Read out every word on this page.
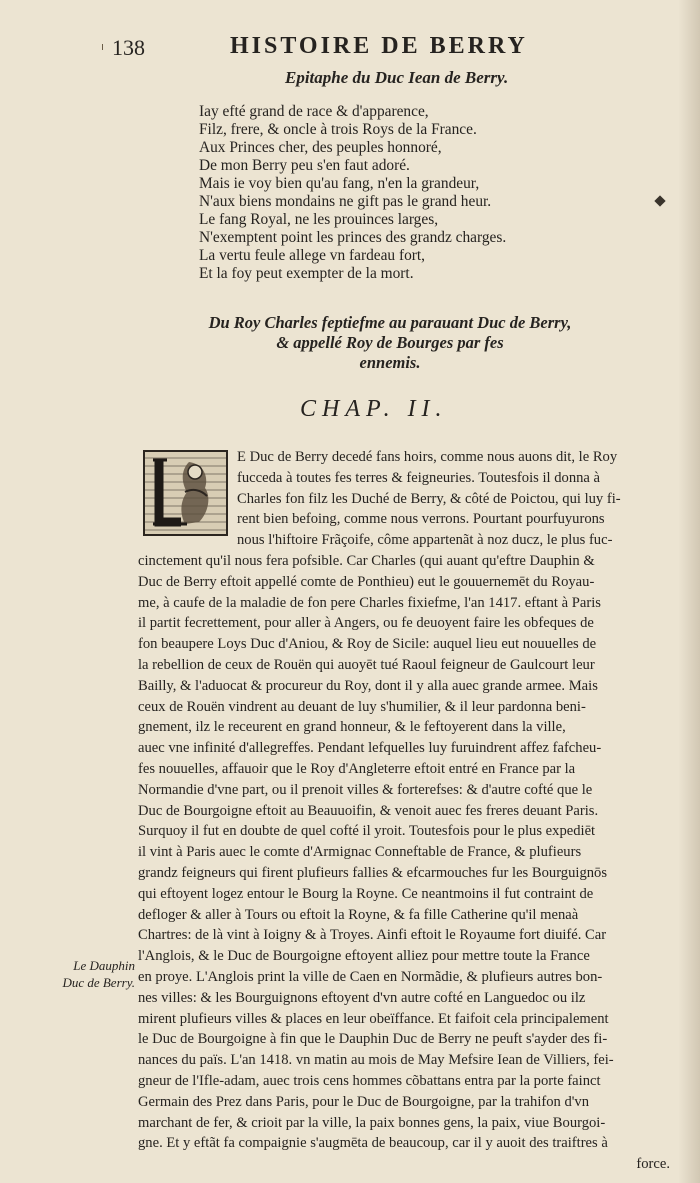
138	HISTOIRE DE BERRY
Epitaphe du Duc Iean de Berry.
Iay efté grand de race & d'apparence,
Filz, frere, & oncle à trois Roys de la France.
Aux Princes cher, des peuples honnoré,
De mon Berry peu s'en faut adoré.
Mais ie voy bien qu'au fang, n'en la grandeur,
N'aux biens mondains ne gift pas le grand heur.
Le fang Royal, ne les prouinces larges,
N'exemptent point les princes des grandz charges.
La vertu feule allege vn fardeau fort,
Et la foy peut exempter de la mort.
Du Roy Charles feptiefme au parauant Duc de Berry,
& appellé Roy de Bourges par fes
ennemis.
CHAP. II.
E Duc de Berry decedé fans hoirs, comme nous auons dit, le Roy
fucceda à toutes fes terres & feigneuries. Toutesfois il donna à
Charles fon filz les Duché de Berry, & côté de Poictou, qui luy fi-
rent bien befoing, comme nous verrons. Pourtant pourfuyurons
nous l'hiftoire Frãçoife, côme appartenãt à noz ducz, le plus fuc-
cinctement qu'il nous fera pofsible. Car Charles (qui auant qu'eftre Dauphin &
Duc de Berry eftoit appellé comte de Ponthieu) eut le gouuernemēt du Royau-
me, à caufe de la maladie de fon pere Charles fixiefme, l'an 1417. eftant à Paris
il partit fecrettement, pour aller à Angers, ou fe deuoyent faire les obfeques de
fon beaupere Loys Duc d'Aniou, & Roy de Sicile: auquel lieu eut nouuelles de
la rebellion de ceux de Rouën qui auoyēt tué Raoul feigneur de Gaulcourt leur
Bailly, & l'aduocat & procureur du Roy, dont il y alla auec grande armee. Mais
ceux de Rouën vindrent au deuant de luy s'humilier, & il leur pardonna beni-
gnement, ilz le receurent en grand honneur, & le feftoyerent dans la ville,
auec vne infinité d'allegreffes. Pendant lefquelles luy furuindrent affez fafcheu-
fes nouuelles, affauoir que le Roy d'Angleterre eftoit entré en France par la
Normandie d'vne part, ou il prenoit villes & forterefses: & d'autre cofté que le
Duc de Bourgoigne eftoit au Beauuoifin, & venoit auec fes freres deuant Paris.
Surquoy il fut en doubte de quel cofté il yroit. Toutesfois pour le plus expediēt
il vint à Paris auec le comte d'Armignac Conneftable de France, & plufieurs
grandz feigneurs qui firent plufieurs fallies & efcarmouches fur les Bourguignōs
qui eftoyent logez entour le Bourg la Royne. Ce neantmoins il fut contraint de
defloger & aller à Tours ou eftoit la Royne, & fa fille Catherine qu'il menaà
Chartres: de là vint à Ioigny & à Troyes. Ainfi eftoit le Royaume fort diuifé. Car
l'Anglois, & le Duc de Bourgoigne eftoyent alliez pour mettre toute la France
en proye. L'Anglois print la ville de Caen en Normãdie, & plufieurs autres bon-
nes villes: & les Bourguignons eftoyent d'vn autre cofté en Languedoc ou ilz
mirent plufieurs villes & places en leur obeïffance. Et faifoit cela principalement
le Duc de Bourgoigne à fin que le Dauphin Duc de Berry ne peuft s'ayder des fi-
nances du païs. L'an 1418. vn matin au mois de May Mefsire Iean de Villiers, fei-
gneur de l'Ifle-adam, auec trois cens hommes cõbattans entra par la porte fainct
Germain des Prez dans Paris, pour le Duc de Bourgoigne, par la trahifon d'vn
marchant de fer, & crioit par la ville, la paix bonnes gens, la paix, viue Bourgoi-
gne. Et y eftãt fa compaignie s'augmēta de beaucoup, car il y auoit des traiftres à
force.
Le Dauphin
Duc de Berry.
